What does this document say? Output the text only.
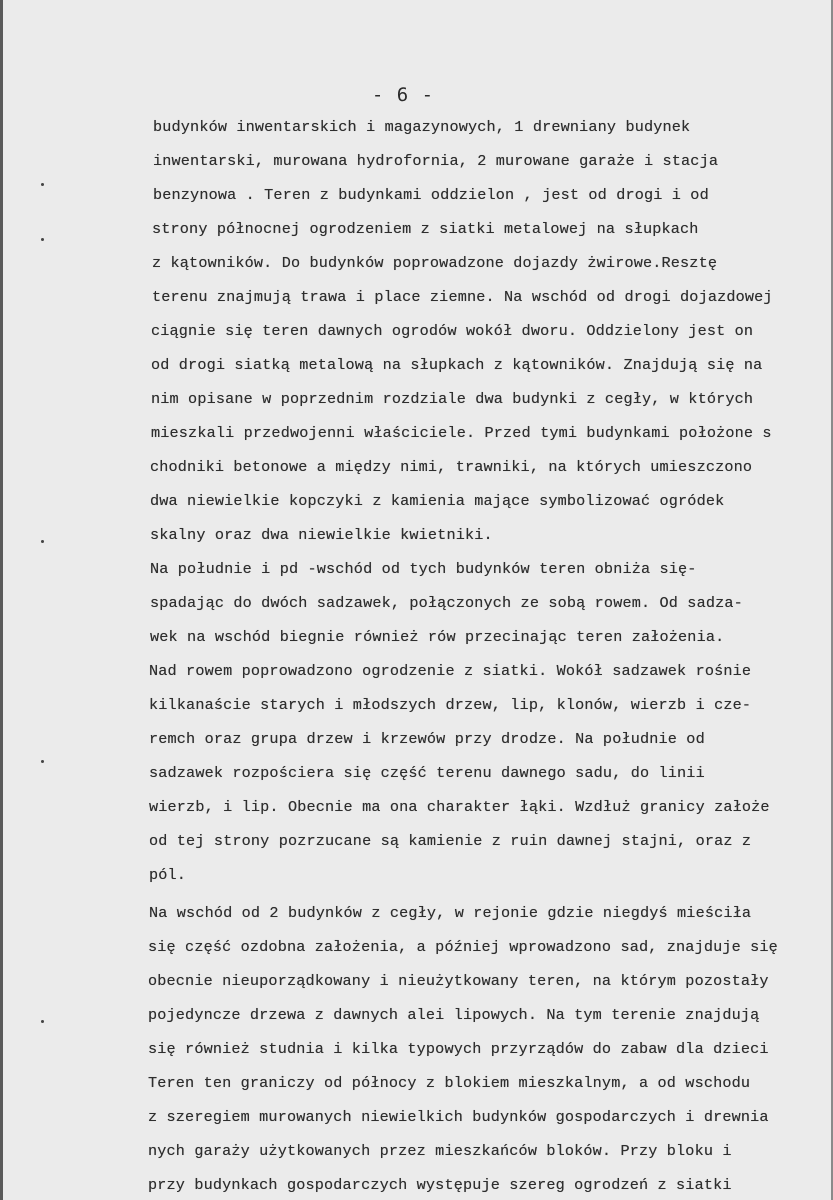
- 6 -
budynków inwentarskich i magazynowych, 1 drewniany budynek
inwentarski, murowana hydrofornia, 2 murowane garaże i stacja
benzynowa . Teren z budynkami oddzielon , jest od drogi i od
strony północnej ogrodzeniem z siatki metalowej na słupkach
z kątowników. Do budynków poprowadzone dojazdy żwirowe.Resztę
terenu znajmują trawa i place ziemne. Na wschód od drogi dojazdowej
ciągnie się teren dawnych ogrodów wokół dworu. Oddzielony jest on
od drogi siatką metalową na słupkach z kątowników. Znajdują się na
nim opisane w poprzednim rozdziale dwa budynki z cegły, w których
mieszkali przedwojenni właściciele. Przed tymi budynkami położone s
chodniki betonowe a między nimi, trawniki, na których umieszczono
dwa niewielkie kopczyki z kamienia mające symbolizować ogródek
skalny oraz dwa niewielkie kwietniki.
Na południe i pd -wschód od tych budynków teren obniża się-
spadając do dwóch sadzawek, połączonych ze sobą rowem. Od sadza-
wek na wschód biegnie również rów przecinając teren założenia.
Nad rowem poprowadzono ogrodzenie z siatki. Wokół sadzawek rośnie
kilkanaście starych i młodszych drzew, lip, klonów, wierzb i cze-
remch oraz grupa drzew i krzewów przy drodze. Na południe od
sadzawek rozpościera się część terenu dawnego sadu, do linii
wierzb, i lip. Obecnie ma ona charakter łąki. Wzdłuż granicy założe
od tej strony pozrzucane są kamienie z ruin dawnej stajni, oraz z
pól.
Na wschód od 2 budynków z cegły, w rejonie gdzie niegdyś mieściła
się część ozdobna założenia, a później wprowadzono sad, znajduje się
obecnie nieuporządkowany i nieużytkowany teren, na którym pozostały
pojedyncze drzewa z dawnych alei lipowych. Na tym terenie znajdują
się również studnia i kilka typowych przyrządów do zabaw dla dzieci
Teren ten graniczy od północy z blokiem mieszkalnym, a od wschodu
z szeregiem murowanych niewielkich budynków gospodarczych i drewnia
nych garaży użytkowanych przez mieszkańców bloków. Przy bloku i
przy budynkach gospodarczych występuje szereg ogrodzeń z siatki
